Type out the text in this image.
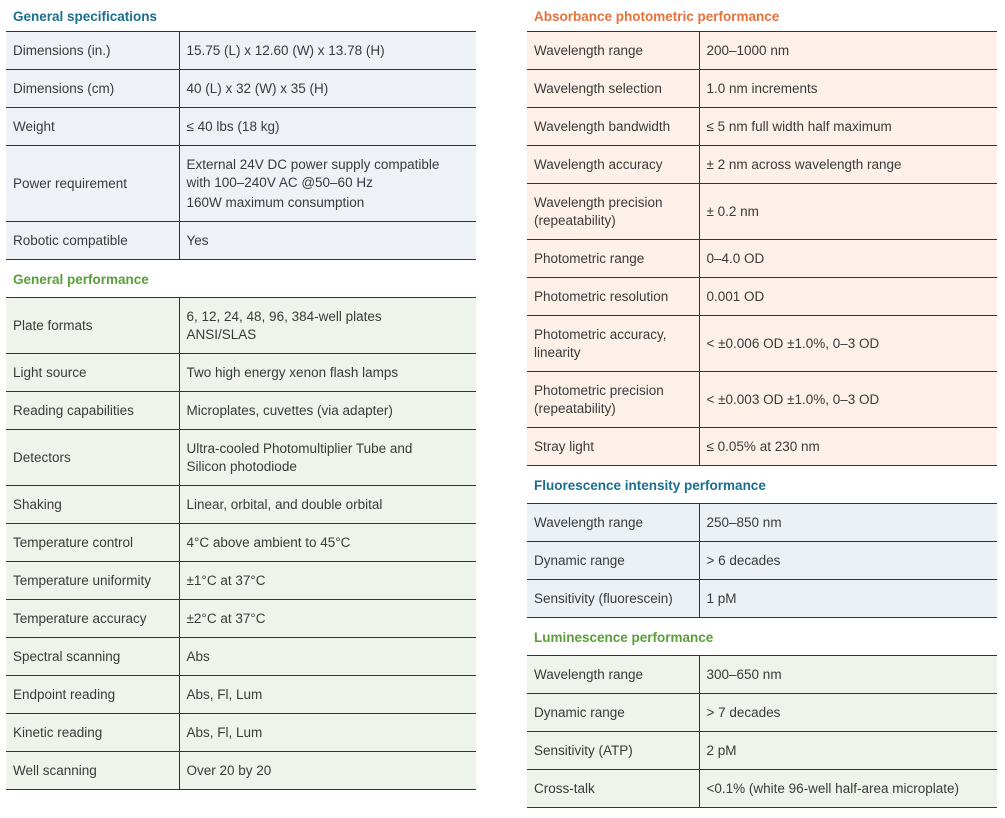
General specifications
Dimensions (in.)	15.75 (L) x 12.60 (W) x 13.78 (H)
Dimensions (cm)	40 (L) x 32 (W) x 35 (H)
Weight	≤ 40 lbs (18 kg)
Power requirement	External 24V DC power supply compatible
with 100–240V AC @50–60 Hz
160W maximum consumption

Robotic compatible	Yes
General performance
Plate formats	6, 12, 24, 48, 96, 384-well plates
ANSI/SLAS

Light source	Two high energy xenon flash lamps
Reading capabilities	Microplates, cuvettes (via adapter)
Detectors	Ultra-cooled Photomultiplier Tube and
Silicon photodiode

Shaking	Linear, orbital, and double orbital
Temperature control	4°C above ambient to 45°C
Temperature uniformity	±1°C at 37°C
Temperature accuracy	±2°C at 37°C
Spectral scanning	Abs
Endpoint reading	Abs, Fl, Lum
Kinetic reading	Abs, Fl, Lum
Well scanning	Over 20 by 20
Absorbance photometric performance
Wavelength range	200–1000 nm
Wavelength selection	1.0 nm increments
Wavelength bandwidth	≤ 5 nm full width half maximum
Wavelength accuracy	± 2 nm across wavelength range

Wavelength precision
(repeatability)	± 0.2 nm
Photometric range	0–4.0 OD
Photometric resolution	0.001 OD

Photometric accuracy,
linearity	< ±0.006 OD ±1.0%, 0–3 OD

Photometric precision
(repeatability)	< ±0.003 OD ±1.0%, 0–3 OD
Stray light	≤ 0.05% at 230 nm
Fluorescence intensity performance
Wavelength range	250–850 nm
Dynamic range	> 6 decades
Sensitivity (fluorescein)	1 pM
Luminescence performance
Wavelength range	300–650 nm
Dynamic range	> 7 decades
Sensitivity (ATP)	2 pM
Cross-talk	<0.1% (white 96-well half-area microplate)
